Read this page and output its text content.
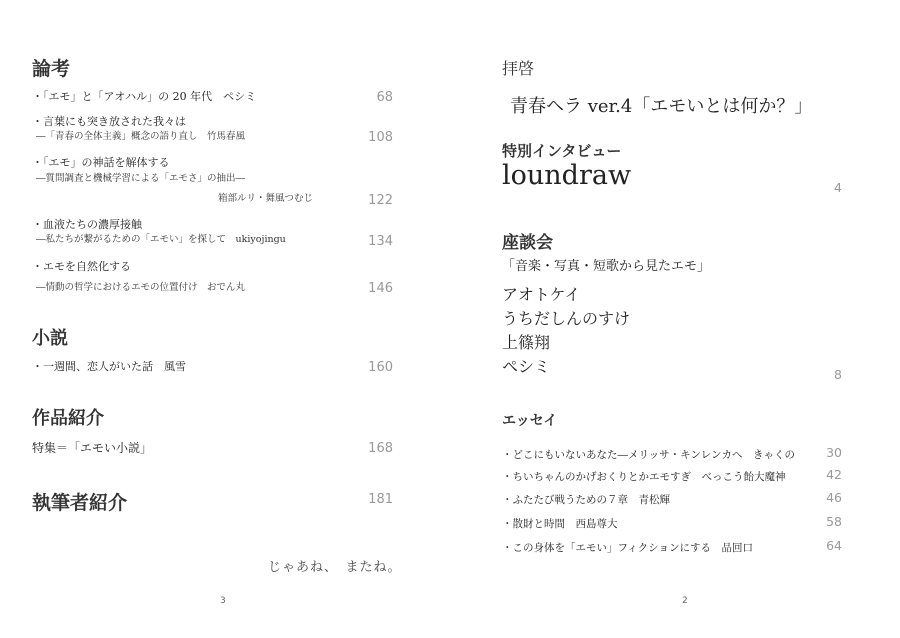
論考
・「エモ」と「アオハル」の 20 年代　ペシミ	68
・言葉にも突き放された我々は
―「青春の全体主義」概念の語り直し　竹馬春風	108
・「エモ」の神話を解体する
―質問調査と機械学習による「エモさ」の抽出―
箱部ルリ・舞風つむじ	122
・血液たちの濃厚接触
―私たちが繋がるための「エモい」を探して　ukiyojingu	134
・エモを自然化する
―情動の哲学におけるエモの位置付け　おでん丸	146
小説
・一週間、恋人がいた話　風雪	160
作品紹介
特集＝「エモい小説」	168
執筆者紹介	181
じゃあね、　またね。
3
拝啓
青春ヘラ ver.4「エモいとは何か？」
特別インタビュー
loundraw	4
座談会
「音楽・写真・短歌から見たエモ」
アオトケイ
うちだしんのすけ
上篠翔
ペシミ	8
エッセイ
・どこにもいないあなた―メリッサ・キンレンカへ　きゃくの	30
・ちいちゃんのかげおくりとかエモすぎ　べっこう飴大魔神	42
・ふたたび戦うための７章　青松輝	46
・散財と時間　西島尊大	58
・この身体を「エモい」フィクションにする　品回口	64
2
